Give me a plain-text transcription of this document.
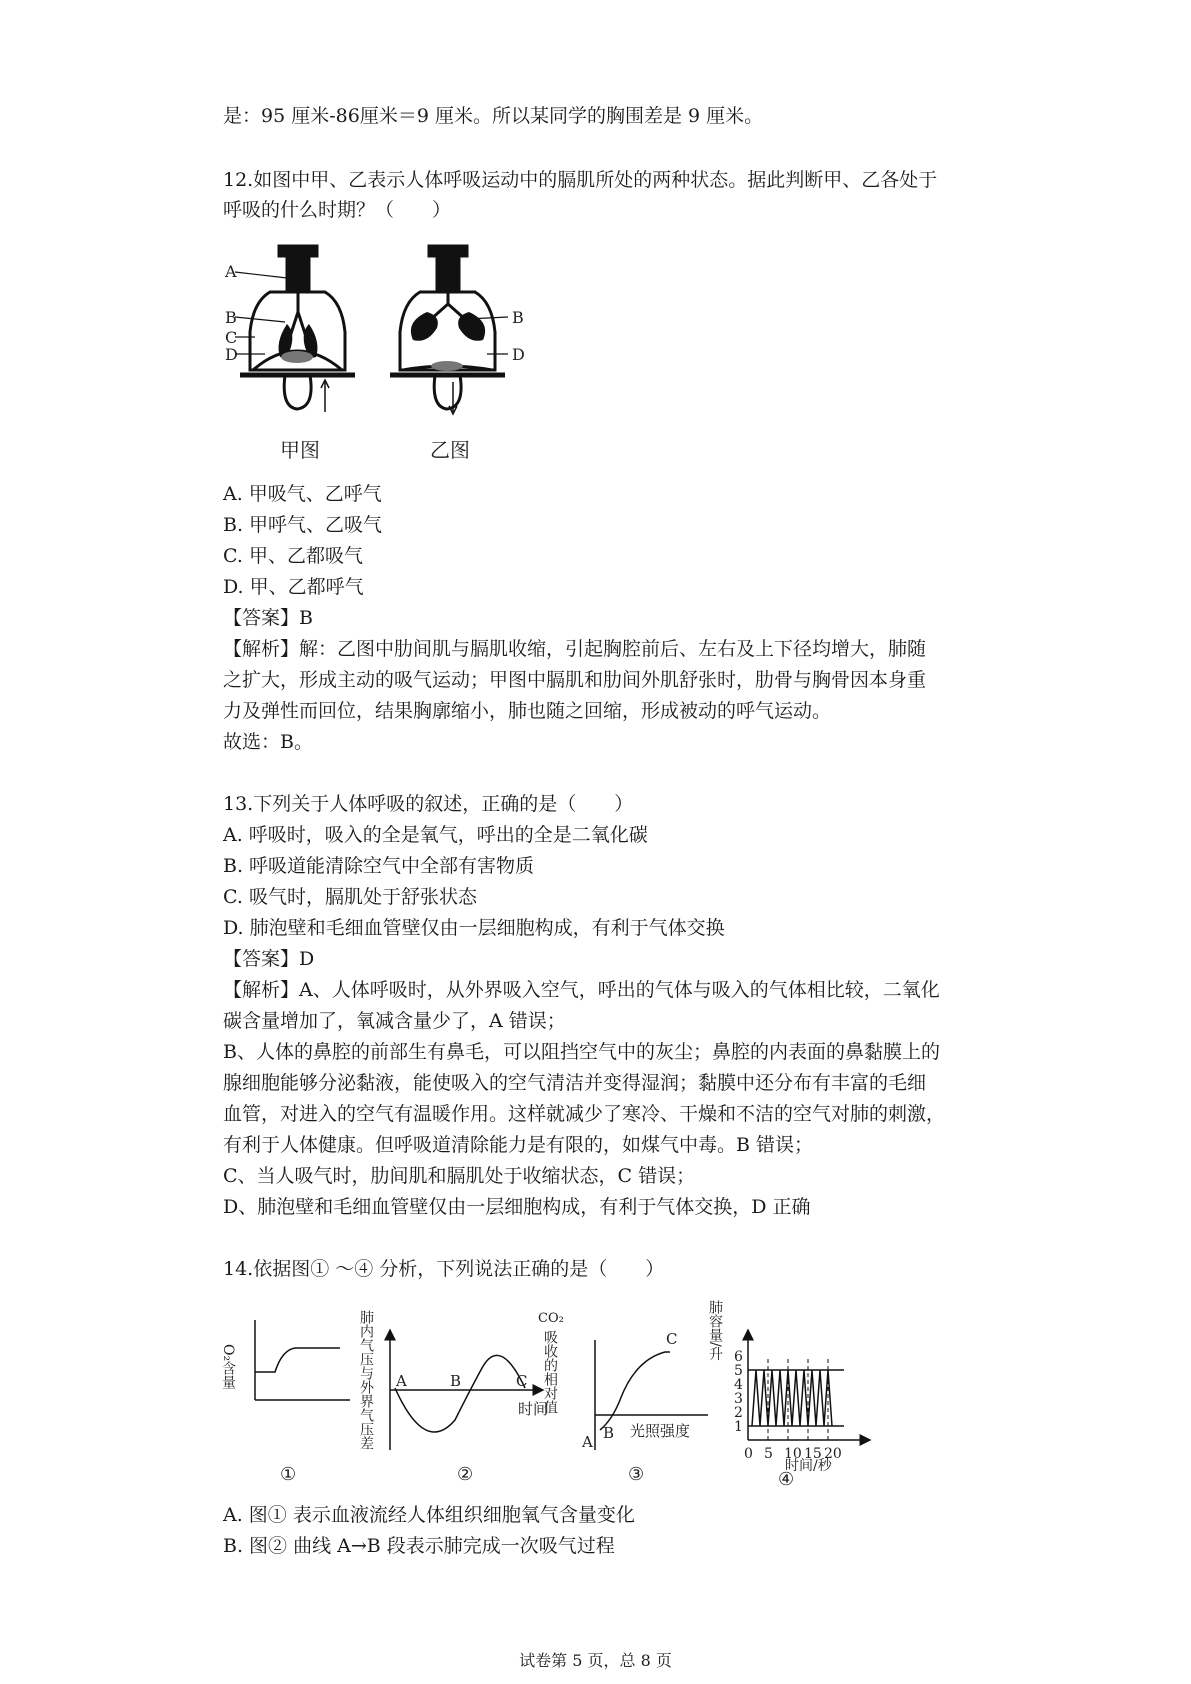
是：95 厘米-86厘米＝9 厘米。所以某同学的胸围差是 9 厘米。
12.如图中甲、乙表示人体呼吸运动中的膈肌所处的两种状态。据此判断甲、乙各处于
呼吸的什么时期？（　　）
A
B
C
D
B
D
甲图	乙图
A. 甲吸气、乙呼气
B. 甲呼气、乙吸气
C. 甲、乙都吸气
D. 甲、乙都呼气
【答案】B
【解析】解：乙图中肋间肌与膈肌收缩，引起胸腔前后、左右及上下径均增大，肺随
之扩大，形成主动的吸气运动；甲图中膈肌和肋间外肌舒张时，肋骨与胸骨因本身重
力及弹性而回位，结果胸廓缩小，肺也随之回缩，形成被动的呼气运动。
故选：B。
13.下列关于人体呼吸的叙述，正确的是（　　）
A. 呼吸时，吸入的全是氧气，呼出的全是二氧化碳
B. 呼吸道能清除空气中全部有害物质
C. 吸气时，膈肌处于舒张状态
D. 肺泡壁和毛细血管壁仅由一层细胞构成，有利于气体交换
【答案】D
【解析】A、人体呼吸时，从外界吸入空气，呼出的气体与吸入的气体相比较，二氧化
碳含量增加了，氧减含量少了，A 错误；
B、人体的鼻腔的前部生有鼻毛，可以阻挡空气中的灰尘；鼻腔的内表面的鼻黏膜上的
腺细胞能够分泌黏液，能使吸入的空气清洁并变得湿润；黏膜中还分布有丰富的毛细
血管，对进入的空气有温暖作用。这样就减少了寒冷、干燥和不洁的空气对肺的刺激，
有利于人体健康。但呼吸道清除能力是有限的，如煤气中毒。B 错误；
C、当人吸气时，肋间肌和膈肌处于收缩状态，C 错误；
D、肺泡壁和毛细血管壁仅由一层细胞构成，有利于气体交换，D 正确
14.依据图① ～④ 分析，下列说法正确的是（　　）
O₂含量
①
肺内气压与外界气压差 A	B	C
时间
②
CO₂
吸收的相对值
A B
C
光照强度
③
肺容量/升
1
2
3
4
5
6
0 5 10 15 20
时间/秒
④
A. 图① 表示血液流经人体组织细胞氧气含量变化
B. 图② 曲线 A→B 段表示肺完成一次吸气过程
试卷第 5 页，总 8 页
